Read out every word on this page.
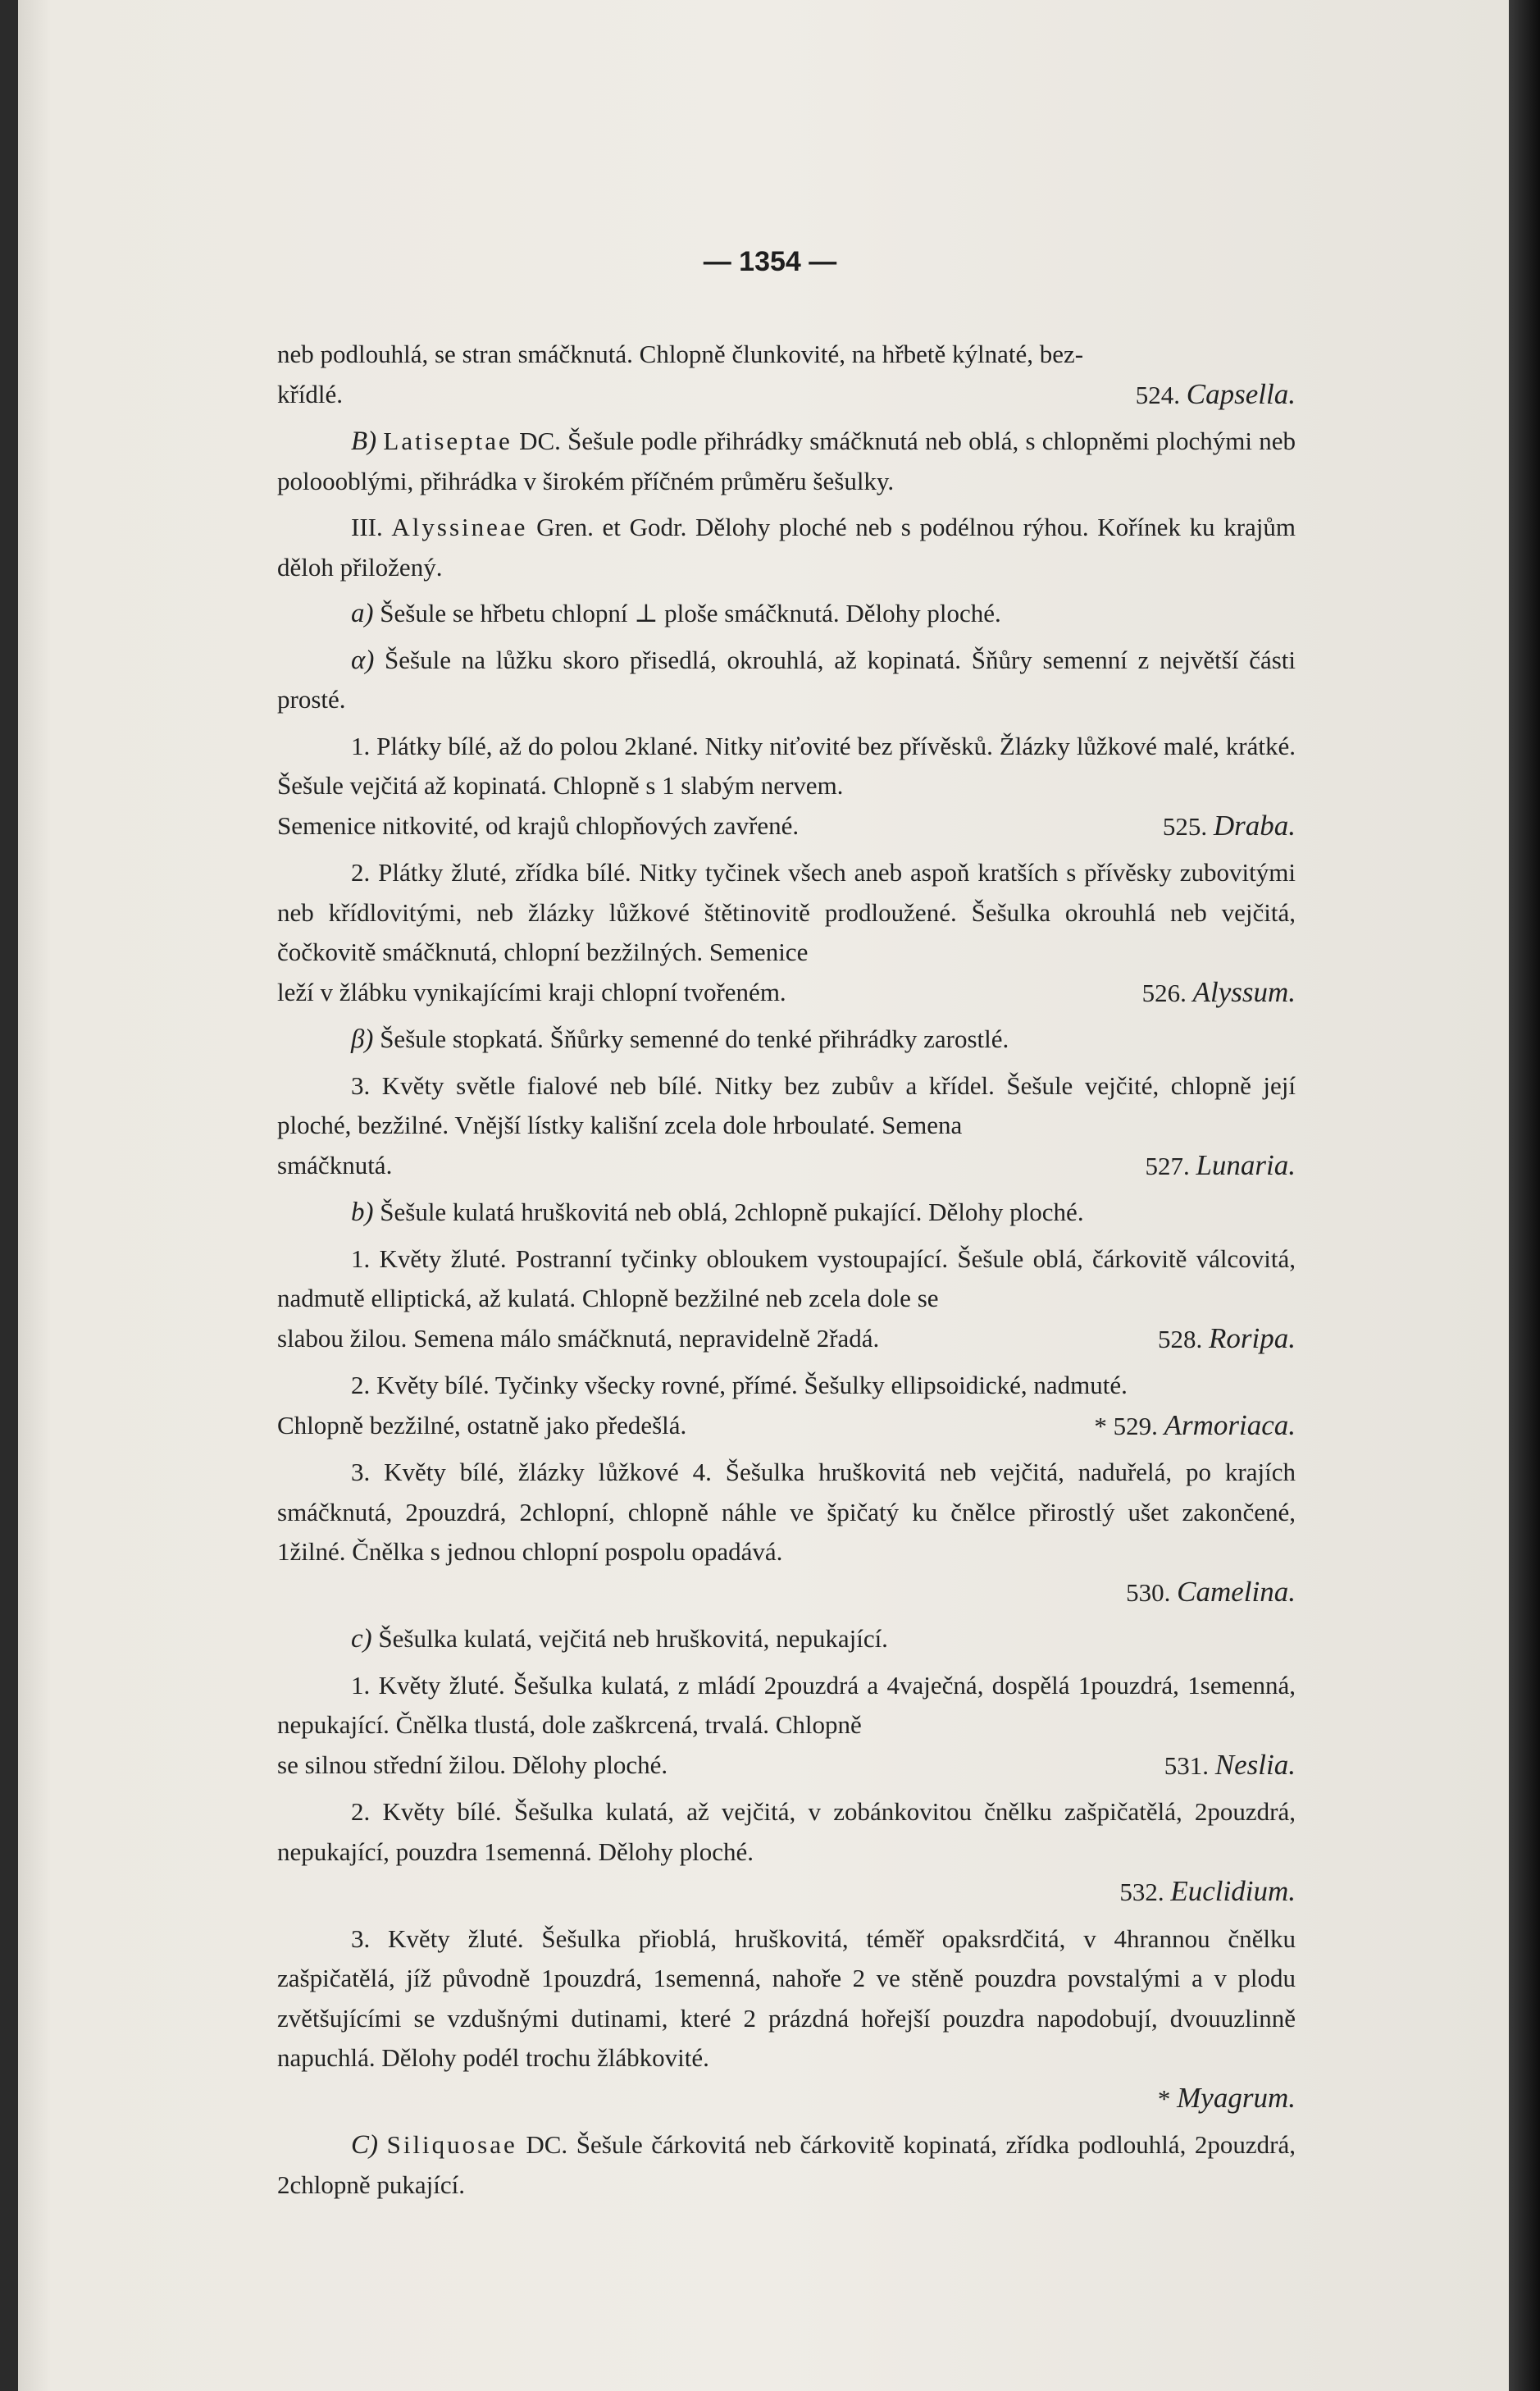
— 1354 —

neb podlouhlá, se stran smáčknutá. Chlopně člunkovité, na hřbetě kýlnaté, bez-
křídlé.	524. Capsella.

B) Latiseptae DC. Šešule podle přihrádky smáčknutá neb oblá, s chlopněmi plochými neb poloooblými, přihrádka v širokém příčném průměru šešulky.

III. Alyssineae Gren. et Godr. Dělohy ploché neb s podélnou rýhou. Kořínek ku krajům děloh přiložený.

a) Šešule se hřbetu chlopní ⊥ ploše smáčknutá. Dělohy ploché.

α) Šešule na lůžku skoro přisedlá, okrouhlá, až kopinatá. Šňůry semenní z největší části prosté.

1. Plátky bílé, až do polou 2klané. Nitky niťovité bez přívěsků. Žlázky lůžkové malé, krátké. Šešule vejčitá až kopinatá. Chlopně s 1 slabým nervem.

Semenice nitkovité, od krajů chlopňových zavřené.	525. Draba.

2. Plátky žluté, zřídka bílé. Nitky tyčinek všech aneb aspoň kratších s přívěsky zubovitými neb křídlovitými, neb žlázky lůžkové štětinovitě prodloužené. Šešulka okrouhlá neb vejčitá, čočkovitě smáčknutá, chlopní bezžilných. Semenice

leží v žlábku vynikajícími kraji chlopní tvořeném.	526. Alyssum.

β) Šešule stopkatá. Šňůrky semenné do tenké přihrádky zarostlé.

3. Květy světle fialové neb bílé. Nitky bez zubův a křídel. Šešule vejčité, chlopně její ploché, bezžilné. Vnější lístky kališní zcela dole hrboulaté. Semena

smáčknutá.	527. Lunaria.

b) Šešule kulatá hruškovitá neb oblá, 2chlopně pukající. Dělohy ploché.

1. Květy žluté. Postranní tyčinky obloukem vystoupající. Šešule oblá, čárkovitě válcovitá, nadmutě elliptická, až kulatá. Chlopně bezžilné neb zcela dole se

slabou žilou. Semena málo smáčknutá, nepravidelně 2řadá.	528. Roripa.

2. Květy bílé. Tyčinky všecky rovné, přímé. Šešulky ellipsoidické, nadmuté.

Chlopně bezžilné, ostatně jako předešlá.	* 529. Armoriaca.

3. Květy bílé, žlázky lůžkové 4. Šešulka hruškovitá neb vejčitá, naduřelá, po krajích smáčknutá, 2pouzdrá, 2chlopní, chlopně náhle ve špičatý ku čnělce přirostlý ušet zakončené, 1žilné. Čnělka s jednou chlopní pospolu opadává.

530. Camelina.

c) Šešulka kulatá, vejčitá neb hruškovitá, nepukající.

1. Květy žluté. Šešulka kulatá, z mládí 2pouzdrá a 4vaječná, dospělá 1pouzdrá, 1semenná, nepukající. Čnělka tlustá, dole zaškrcená, trvalá. Chlopně

se silnou střední žilou. Dělohy ploché.	531. Neslia.

2. Květy bílé. Šešulka kulatá, až vejčitá, v zobánkovitou čnělku zašpičatělá, 2pouzdrá, nepukající, pouzdra 1semenná. Dělohy ploché.

532. Euclidium.

3. Květy žluté. Šešulka přioblá, hruškovitá, téměř opaksrdčitá, v 4hrannou čnělku zašpičatělá, jíž původně 1pouzdrá, 1semenná, nahoře 2 ve stěně pouzdra povstalými a v plodu zvětšujícími se vzdušnými dutinami, které 2 prázdná hořejší pouzdra napodobují, dvouuzlinně napuchlá. Dělohy podél trochu žlábkovité.

* Myagrum.

C) Siliquosae DC. Šešule čárkovitá neb čárkovitě kopinatá, zřídka podlouhlá, 2pouzdrá, 2chlopně pukající.
